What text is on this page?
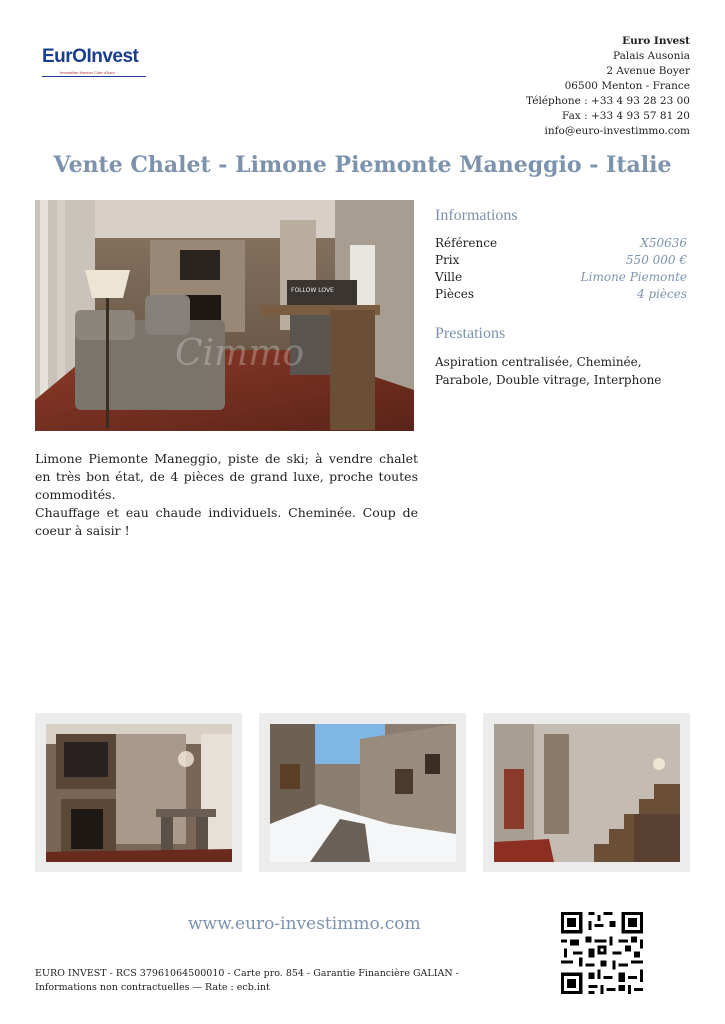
EurOInvest
Immobilier Menton Côte d'Azur
Euro Invest
Palais Ausonia
2 Avenue Boyer
06500 Menton - France
Téléphone : +33 4 93 28 23 00
Fax : +33 4 93 57 81 20
info@euro-investimmo.com
Vente Chalet - Limone Piemonte Maneggio - Italie
FOLLOW LOVE
Cimmo
Informations
Référence	X50636
Prix	550 000 €
Ville	Limone Piemonte
Pièces	4 pièces
Prestations
Aspiration centralisée, Cheminée, Parabole, Double vitrage, Interphone

Limone Piemonte Maneggio, piste de ski; à vendre chalet en très bon état, de 4 pièces de grand luxe, proche toutes commodités.

Chauffage et eau chaude individuels. Cheminée. Coup de coeur à saisir !

www.euro-investimmo.com
EURO INVEST - RCS 37961064500010 - Carte pro. 854 - Garantie Financière GALIAN -
Informations non contractuelles — Rate : ecb.int
